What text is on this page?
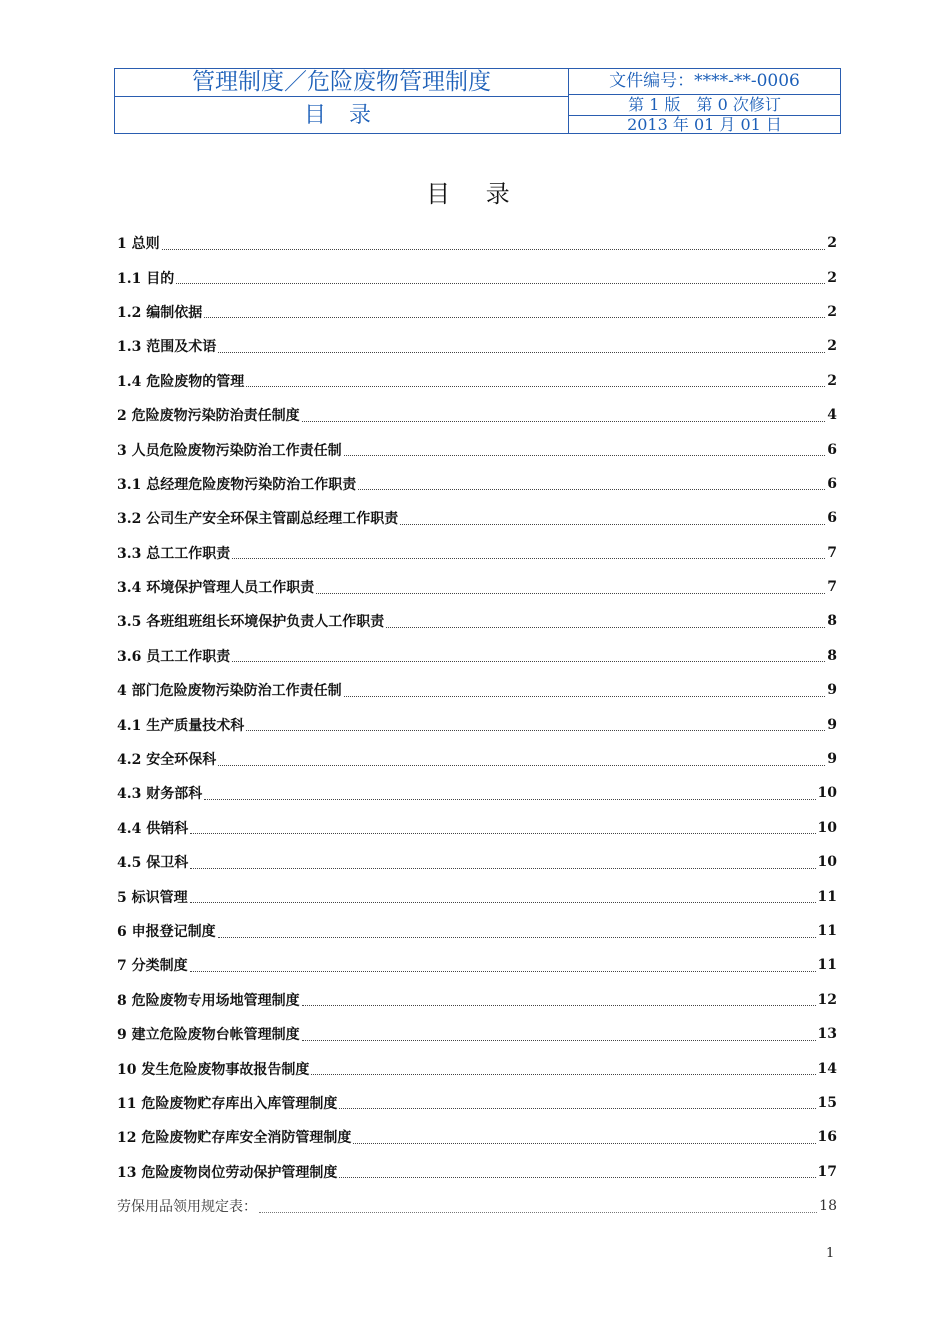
管理制度／危险废物管理制度
目 录
文件编号：****-**-0006
第 1 版　第 0 次修订
2013 年 01 月 01 日
目 录
1 总则	2
1.1 目的	2
1.2 编制依据	2
1.3 范围及术语	2
1.4 危险废物的管理	2
2 危险废物污染防治责任制度	4
3 人员危险废物污染防治工作责任制	6
3.1 总经理危险废物污染防治工作职责	6
3.2 公司生产安全环保主管副总经理工作职责	6
3.3 总工工作职责	7
3.4 环境保护管理人员工作职责	7
3.5 各班组班组长环境保护负责人工作职责	8
3.6 员工工作职责	8
4 部门危险废物污染防治工作责任制	9
4.1 生产质量技术科	9
4.2 安全环保科	9
4.3 财务部科	10
4.4 供销科	10
4.5 保卫科	10
5 标识管理	11
6 申报登记制度	11
7 分类制度	11
8 危险废物专用场地管理制度	12
9 建立危险废物台帐管理制度	13
10 发生危险废物事故报告制度	14
11 危险废物贮存库出入库管理制度	15
12 危险废物贮存库安全消防管理制度	16
13 危险废物岗位劳动保护管理制度	17
劳保用品领用规定表：	18
1
